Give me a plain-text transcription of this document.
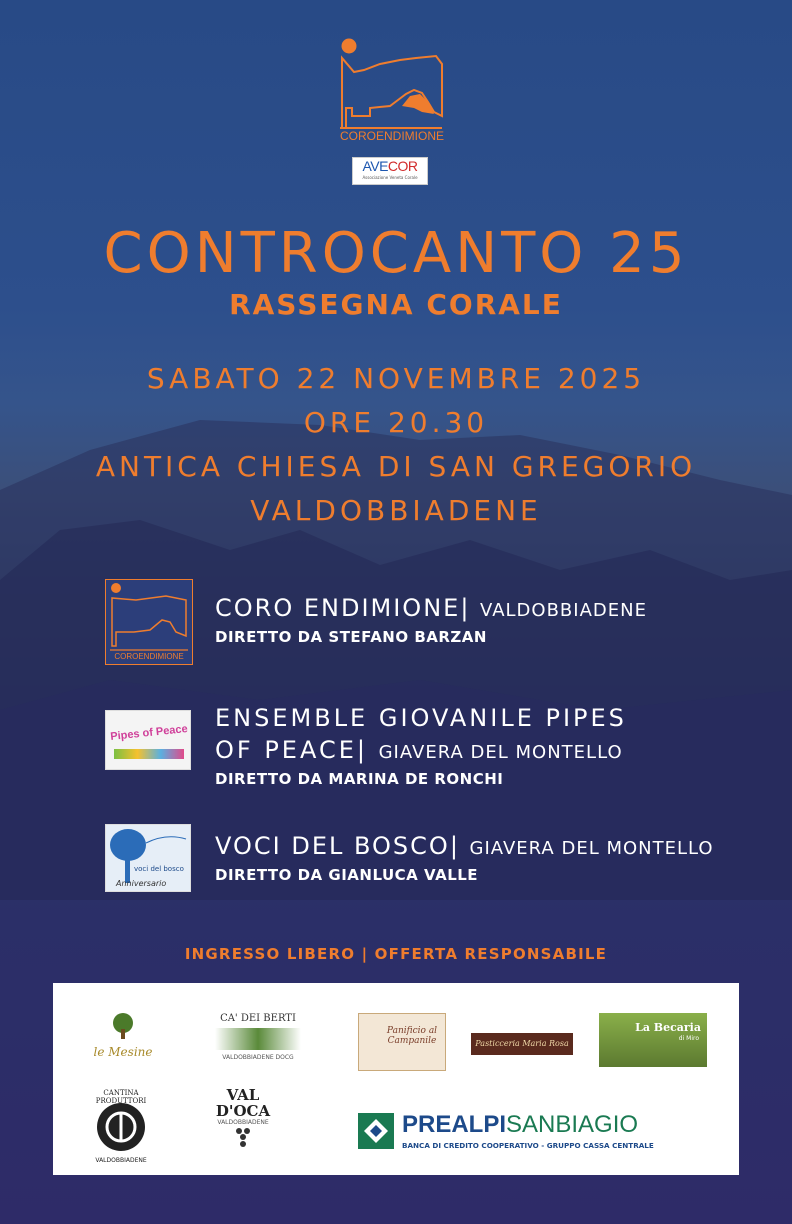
COROENDIMIONE
AVECOR
Associazione Veneta Corale
CONTROCANTO 25
RASSEGNA CORALE
SABATO 22 NOVEMBRE 2025
ORE 20.30
ANTICA CHIESA DI SAN GREGORIO
VALDOBBIADENE
COROENDIMIONE
CORO ENDIMIONE| VALDOBBIADENE
DIRETTO DA STEFANO BARZAN
Pipes of Peace
ENSEMBLE GIOVANILE PIPES
OF PEACE| GIAVERA DEL MONTELLO
DIRETTO DA MARINA DE RONCHI
voci del bosco
Anniversario
VOCI DEL BOSCO| GIAVERA DEL MONTELLO
DIRETTO DA GIANLUCA VALLE
INGRESSO LIBERO | OFFERTA RESPONSABILE
le Mesine
CA' DEI BERTI
VALDOBBIADENE DOCG
Panificio al Campanile	Pasticceria Maria Rosa
La Becaria
di Miro
CANTINA PRODUTTORI
VALDOBBIADENE
VAL
D'OCA
VALDOBBIADENE	PREALPISANBIAGIO
BANCA DI CREDITO COOPERATIVO - GRUPPO CASSA CENTRALE
